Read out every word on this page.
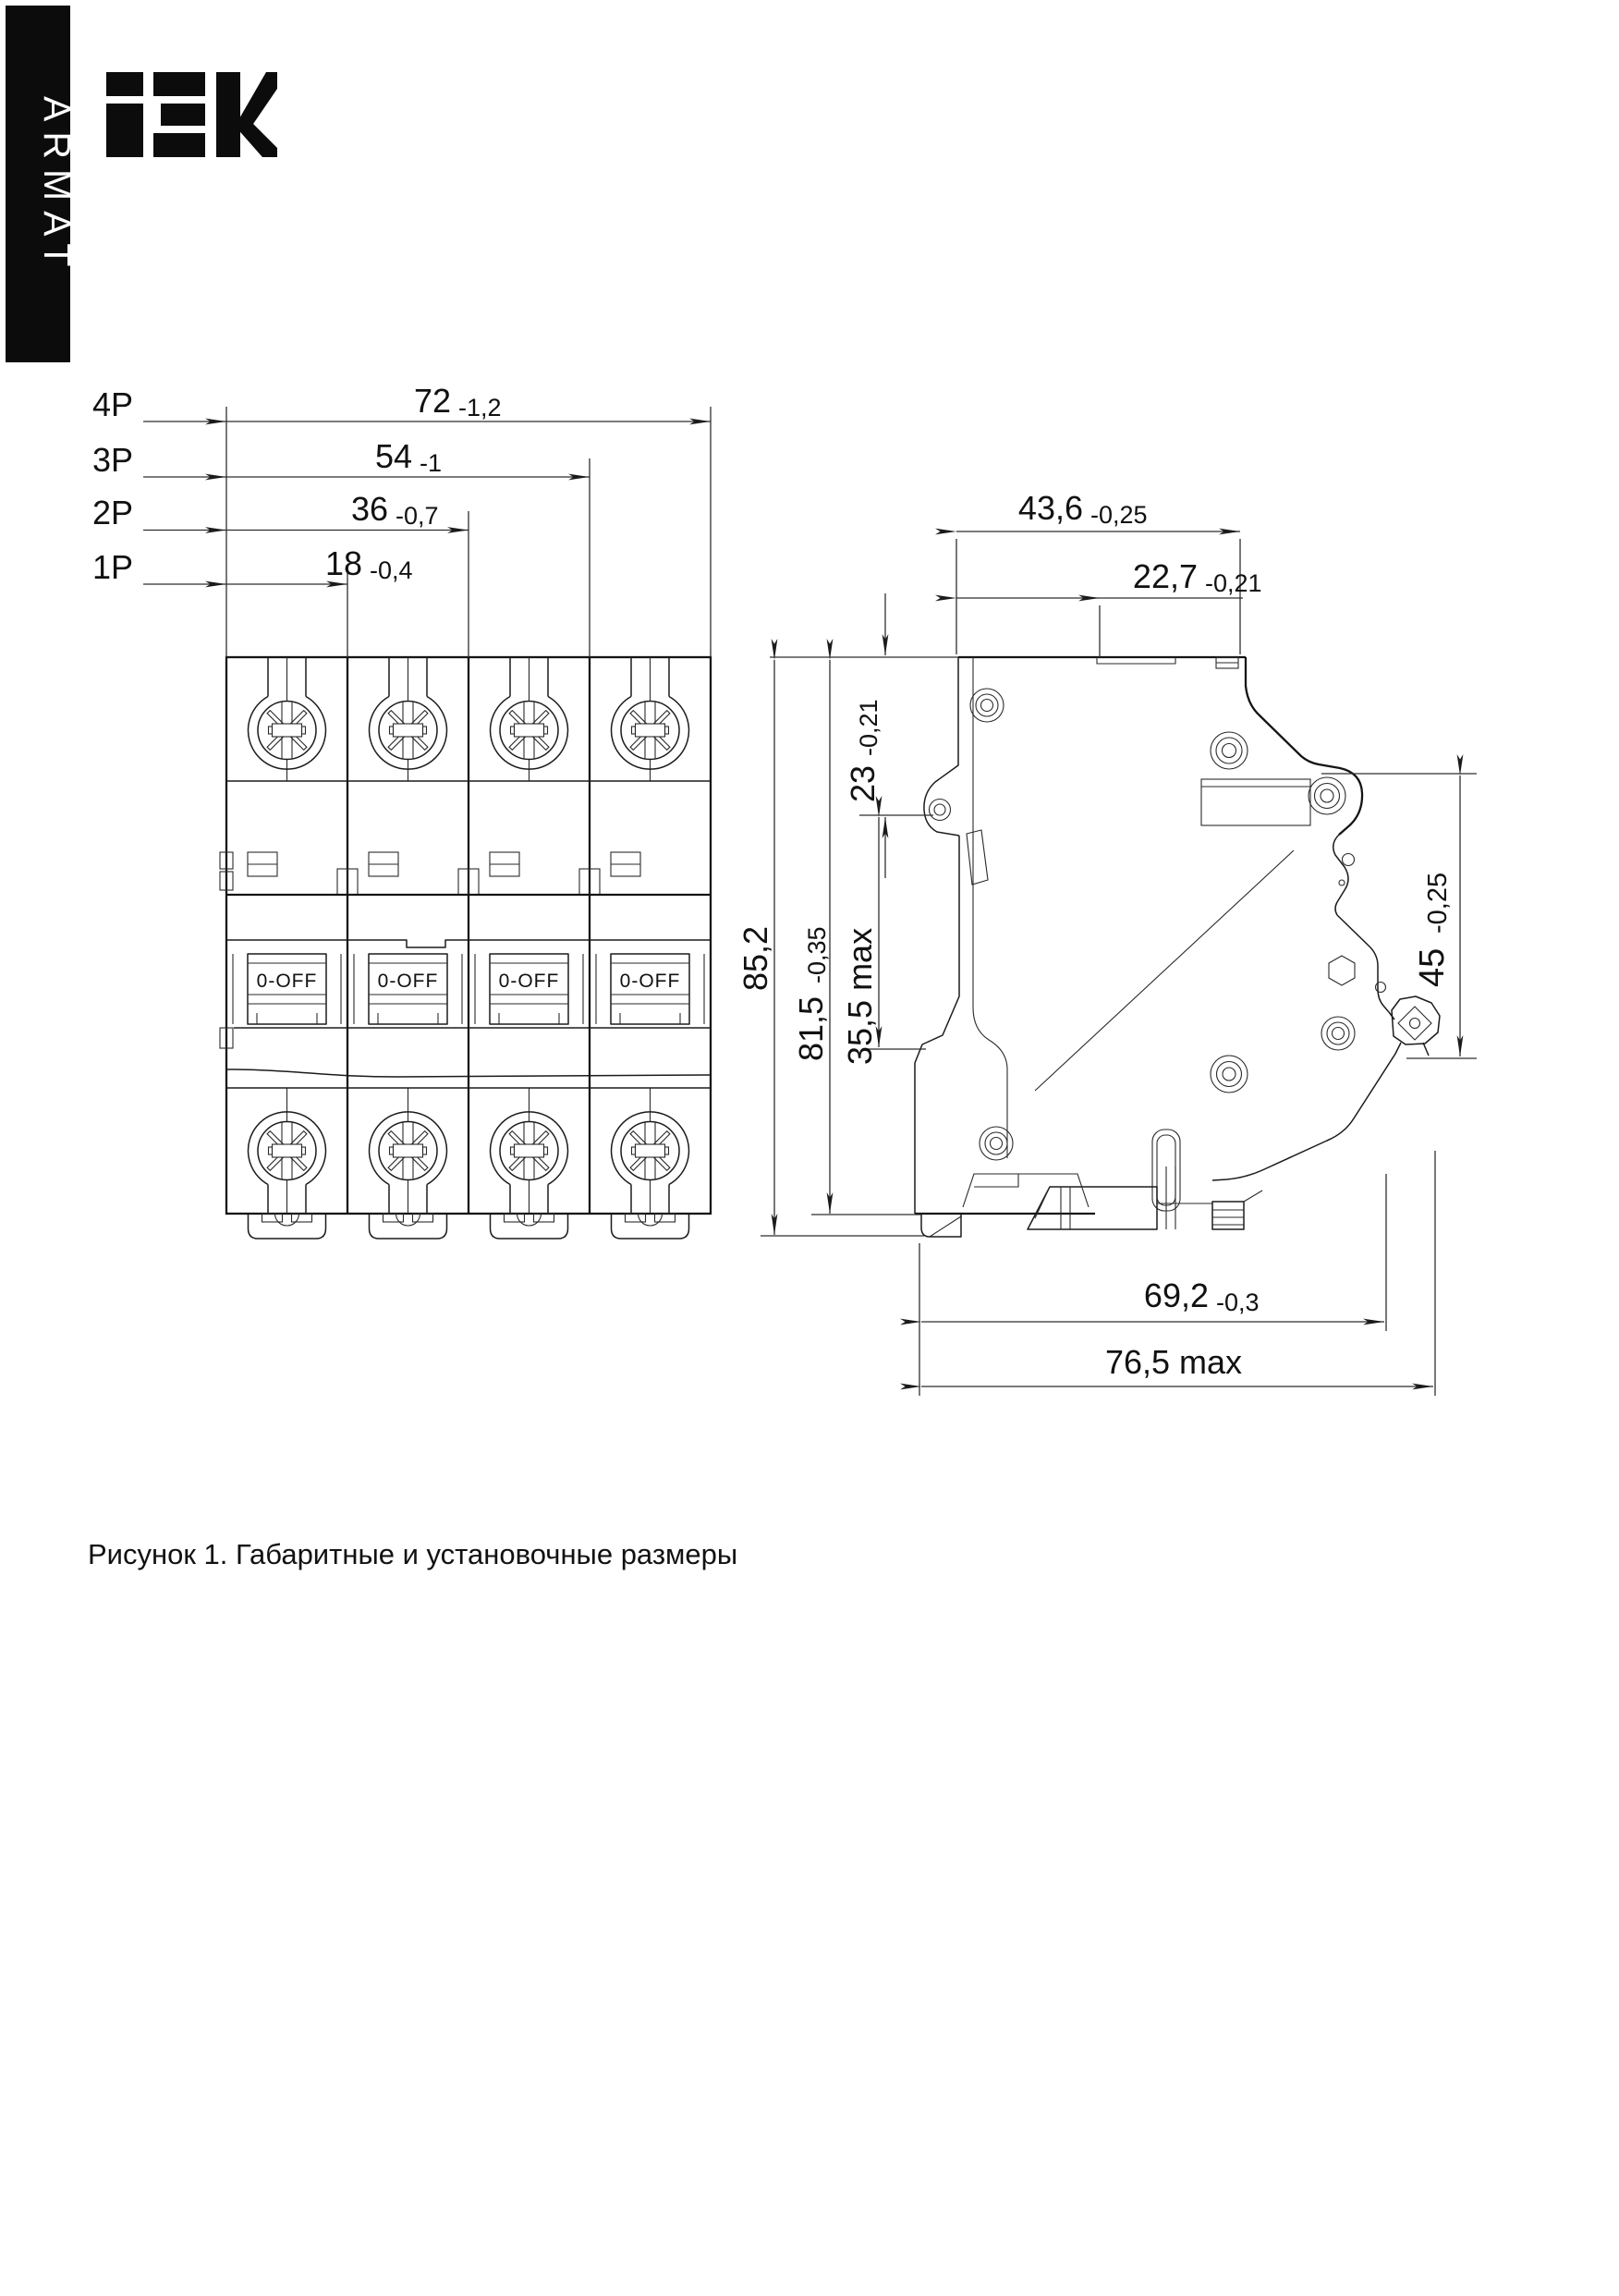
ARMAT
0-OFF	0-OFF	0-OFF	0-OFF
4P
3P
2P
1P
72 -1,2
54 -1
36 -0,7
18 -0,4
43,6 -0,25
22,7 -0,21
85,2
81,5
-0,35 35,5 max
23
-0,21
45
-0,25
69,2 -0,3
76,5 max
Рисунок 1. Габаритные и установочные размеры
